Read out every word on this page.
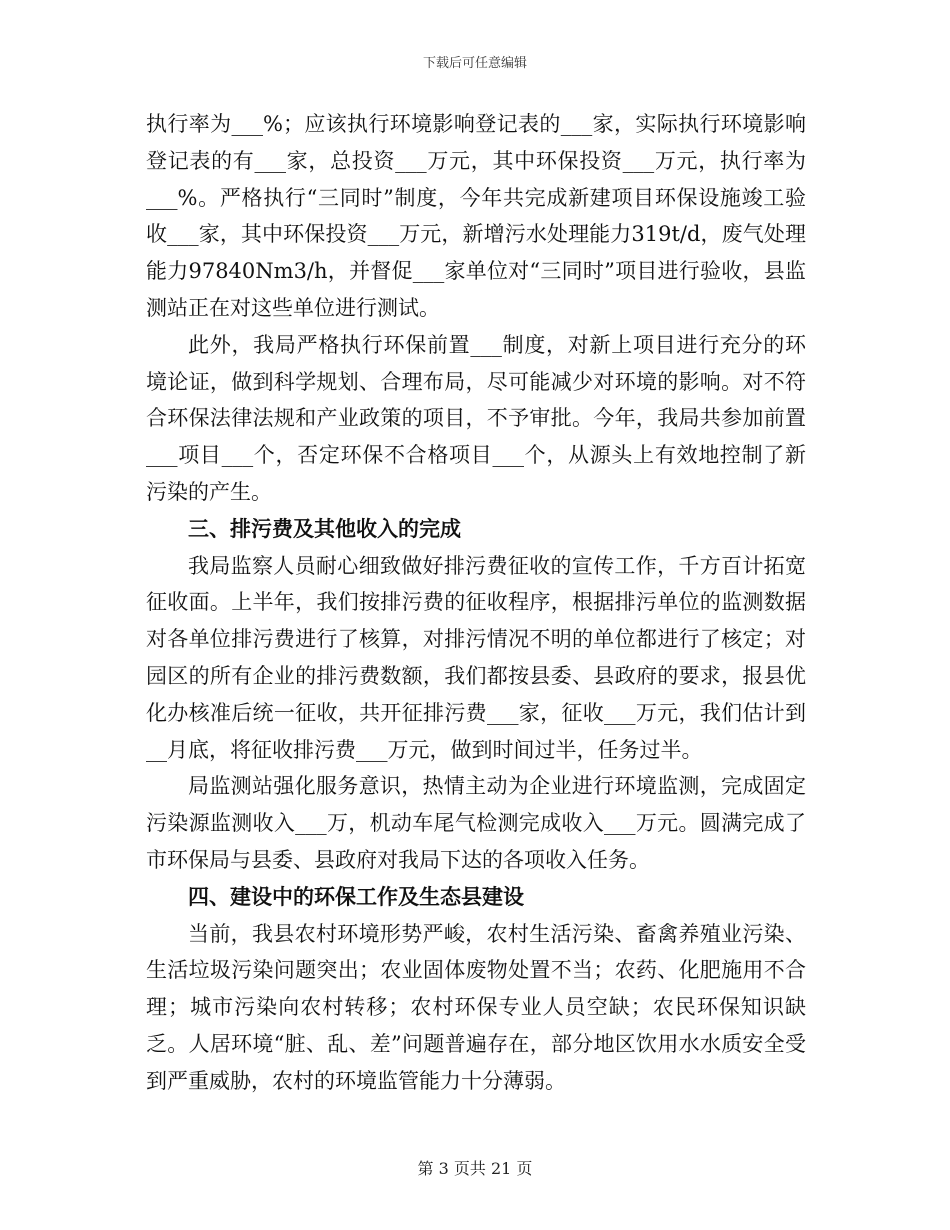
下载后可任意编辑

执行率为___%；应该执行环境影响登记表的___家，实际执行环境影响登记表的有___家，总投资___万元，其中环保投资___万元，执行率为___%。严格执行“三同时”制度，今年共完成新建项目环保设施竣工验收___家，其中环保投资___万元，新增污水处理能力319t/d，废气处理能力97840Nm3/h，并督促___家单位对“三同时”项目进行验收，县监测站正在对这些单位进行测试。

此外，我局严格执行环保前置___制度，对新上项目进行充分的环境论证，做到科学规划、合理布局，尽可能减少对环境的影响。对不符合环保法律法规和产业政策的项目，不予审批。今年，我局共参加前置___项目___个，否定环保不合格项目___个，从源头上有效地控制了新污染的产生。

三、排污费及其他收入的完成

我局监察人员耐心细致做好排污费征收的宣传工作，千方百计拓宽征收面。上半年，我们按排污费的征收程序，根据排污单位的监测数据对各单位排污费进行了核算，对排污情况不明的单位都进行了核定；对园区的所有企业的排污费数额，我们都按县委、县政府的要求，报县优化办核准后统一征收，共开征排污费___家，征收___万元，我们估计到__月底，将征收排污费___万元，做到时间过半，任务过半。

局监测站强化服务意识，热情主动为企业进行环境监测，完成固定污染源监测收入___万，机动车尾气检测完成收入___万元。圆满完成了市环保局与县委、县政府对我局下达的各项收入任务。

四、建设中的环保工作及生态县建设

当前，我县农村环境形势严峻，农村生活污染、畜禽养殖业污染、生活垃圾污染问题突出；农业固体废物处置不当；农药、化肥施用不合理；城市污染向农村转移；农村环保专业人员空缺；农民环保知识缺乏。人居环境“脏、乱、差”问题普遍存在，部分地区饮用水水质安全受到严重威胁，农村的环境监管能力十分薄弱。

第 3 页共 21 页
